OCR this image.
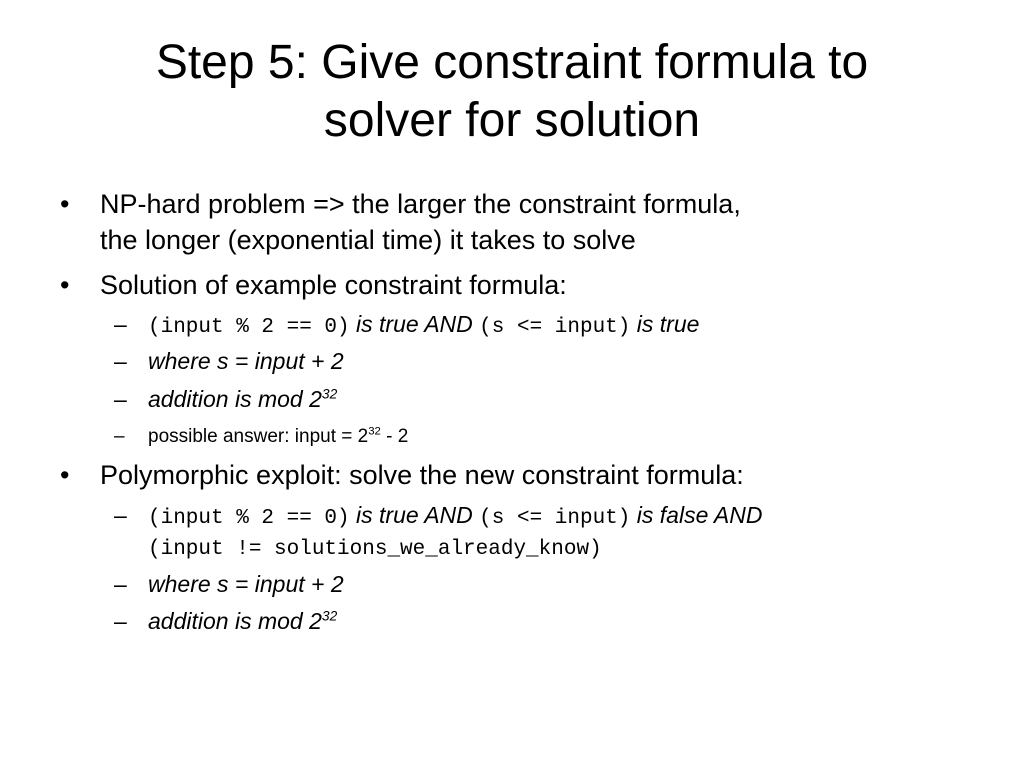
Step 5: Give constraint formula to
solver for solution
• NP-hard problem => the larger the constraint formula,
the longer (exponential time) it takes to solve
• Solution of example constraint formula:
– (input % 2 == 0) is true AND (s <= input) is true
– where s = input + 2
– addition is mod $2^{32}$
– possible answer: input = $2^{32} - 2$
• Polymorphic exploit: solve the new constraint formula:
– (input % 2 == 0) is true AND (s <= input) is false AND
(input != solutions_we_already_know)
– where s = input + 2
– addition is mod $2^{32}$
